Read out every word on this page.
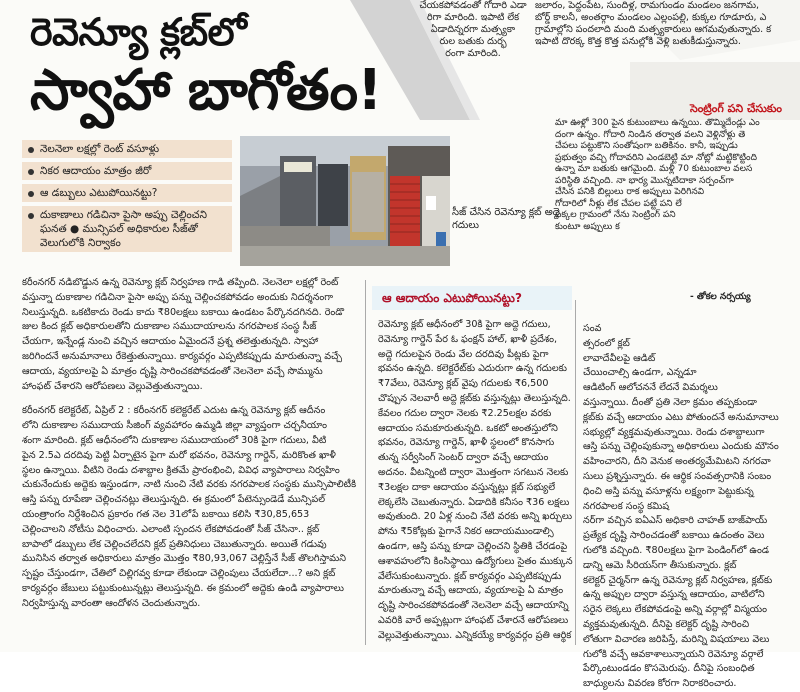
చేయకపోవడంతో గోదారి ఎడా
రిగా మారింది. ఇపాటి లేక
ఏడాదిన్నరగా మత్స్యకా
రుల బతుకు దుర్భ
రంగా మారింది.
జలారం, పెద్దంపేట, సుందిళ్ల, రామగుండం మండలం జనగామ,
బోర్డ్ కాలనీ, అంతర్గాం మండలం ఎల్లంపల్లి, కుక్కల గూడూరు, ఎ
గ్రామాల్లోని పందలాది మంది మత్స్యకారులు ఆగమవుతున్నారు. క
ఇపాటి దొరక్క కొత్త కొత్త పనుల్లోకి వెళ్లి బతుకీడుస్తున్నారు.
రెవెన్యూ క్లబ్‌లో
స్వాహా బాగోతం!
నెలనెలా లక్షల్లో రెంట్ వసూళ్లు
నికర ఆదాయం మాత్రం జీరో
ఆ డబ్బులు ఎటుపోయినట్టు?
దుకాణాలు గడిచినా పైసా అప్పు చెల్లించని ఘనత ● మున్సిపల్ అధికారుల సీజ్‌తో వెలుగులోకి నిర్వాకం
సీజ్ చేసిన రెవెన్యూ క్లబ్ అద్దె గదులు
సెంట్రింగ్ పని చేసుకుం
మా ఊళ్లో 300 పైన కుటుంబాలు ఉన్నయి. తొమ్మిదేండ్లు ఎం
దంగా ఉన్నం. గోదారి నిండిన తర్వాత వలని వెళ్లినోళ్లు తె
చేపలు పట్టుకొని సంతోషంగా బతికినం. కానీ, ఇప్పుడు
ప్రభుత్వం వచ్చి గోదావరిని ఎండబెట్టి మా నోట్లో మట్టికొట్టింది
ఉన్నా మా బతుకు ఆగమైంది. మళ్లీ 70 కుటుంబాల వలస
పరిస్థితి వచ్చింది. నా భార్య మొన్నటిదాకా సర్పంచ్‌గా
చేసిన పనికి బిల్లులు రాక అప్పులు పెరిగినవి
గోదారిలో నీళ్లు లేక చేపల పట్టే పని లే
పక్కల గ్రామంలో నేను సెంట్రింగ్ పని
కుంటూ అప్పులు క
- తోకల నర్సయ్య
కరీంనగర్ నడిబొడ్డున ఉన్న రెవెన్యూ క్లబ్ నిర్వహణ గాడి తప్పింది. నెలనెలా లక్షల్లో రెంట్
వస్తున్నా దుకాణాల గడిచినా పైసా అప్పు పన్ను చెల్లించకపోవడం అందుకు నిదర్శనంగా
నిలుస్తున్నది. ఒకటికాదు రెండు కాదు ₹80లక్షలు బకాయి ఉండటం పేర్కొనదగినది. రెండొ
జుల కింద క్లబ్ అధికారులతోని దుకాణాల సముదాయాలను నగరపాలక సంస్థ సీజ్
చేయగా, ఇన్నేండ్ల నుంచి వచ్చిన ఆదాయం ఏమైందనే ప్రశ్న తలెత్తుతున్నది. స్వాహా
జరిగిందనే అనుమానాలు రేకెత్తుతున్నాయి. కార్యవర్గం ఎప్పటికప్పుడు మారుతున్నా వచ్చే
ఆదాయ, వ్యయాలపై ఏ మాత్రం దృష్టి సారించకపోవడంతో నెలనెలా వచ్చే సొమ్మును
హాంఫట్ చేశారని ఆరోపణలు వెల్లువెత్తుతున్నాయి.
కరీంనగర్ కలెక్టరేట్, ఏప్రిల్ 2 : కరీంనగర్ కలెక్టరేట్ ఎదుట ఉన్న రెవెన్యూ క్లబ్ ఆదీనం
లోని దుకాణాల సముదాయ సీజింగ్ వ్యవహారం ఉమ్మడి జిల్లా వ్యాప్తంగా చర్చనీయాం
శంగా మారింది. క్లబ్ ఆధీనంలోని దుకాణాల సముదాయంలో 30కి పైగా గదులు, వీటి
పైన 2.5ఎ దరదివు పెట్టి ఏర్పాటైన పైగా మరో భవనం, రెవెన్యూ గార్డెన్, మరికొంత ఖాళీ
స్థలం ఉన్నాయి. వీటిని రెండు దశాబ్దాల క్రితమే ప్రారంభించి, వివిధ వ్యాపారాలు నిర్వహిం
చుకునేందుకు అద్దెకు ఇస్తుండగా, నాటి నుంచి నేటి వరకు నగరపాలక సంస్థకు మున్సిపాలిటీకి
ఆస్తి పన్ను రూపేణా చెల్లించనట్లు తెలుస్తున్నది. ఈ క్రమంలో పేటెన్సుండెడే మున్సిపల్
యంత్రాంగం నిర్దేశించిన ప్రకారం గత నెల 31లోపే బకాయి కలిసి ₹30,85,653
చెల్లించాలని నోటీసు విధించారు. ఎలాంటి స్పందన లేకపోవడంతో సీజ్ చేసినా.. క్లబ్
బాపాలో డబ్బులు లేక చెల్లించలేదని క్లబ్ ప్రతినిధులు చెబుతున్నారు. అయితే గడువు
మునిసిన తర్వాత అధికారులు మాత్రం మొత్తం ₹80,93,067 చెల్లిస్తేనే సీజ్ తొలగిస్తామని
స్పష్టం చేస్తుండగా, చేతిలో చిల్లిగవ్వ కూడా లేకుండా చెల్లింపులు చేయలేదా...? అని క్లబ్
కార్యవర్గం జేబులు పట్టుకుంటున్నట్లు తెలుస్తున్నది. ఈ క్రమంలో అద్దెకు ఉండి వ్యాపారాలు
నిర్వహిస్తున్న వారంతా ఆందోళన చెందుతున్నారు.
ఆ ఆదాయం ఎటుపోయినట్టు?
రెవెన్యూ క్లబ్ ఆధీనంలో 30కి పైగా అద్దె గదులు,
రెవెన్యూ గార్డెన్ పేర ఓ ఫంక్షన్ హాల్, ఖాళీ ప్రదేశం,
అద్దె గదులపైన రెండు వేల దరదివు పీట్లకు పైగా
భవనం ఉన్నది. కలెక్టరేట్‌కు ఎదురుగా ఉన్న గదులకు
₹7వేలు, రెవెన్యూ క్లబ్ వైపు గదులకు ₹6,500
చొప్పున నెలవారీ అద్దె క్లబ్‌కు వస్తున్నట్లు తెలుస్తున్నది.
కేవలం గదుల ద్వారా నెలకు ₹2.25లక్షల వరకు
ఆదాయం సమకూరుతున్నది. ఒకటో అంతస్తులోని
భవనం, రెవెన్యూ గార్డెన్, ఖాళీ స్థలంలో కొనసాగు
తున్న సర్వీసింగ్ సెంటర్ ద్వారా వచ్చే ఆదాయం
అదనం. వీటన్నింటి ద్వారా మొత్తంగా సగటున నెలకు
₹3లక్షల దాకా ఆదాయం వస్తున్నట్లు క్లబ్ సభ్యులే
లెక్కలేసి చెబుతున్నారు. ఏడాదికి కనీసం ₹36 లక్షలు
అవుతుంది. 20 ఏళ్ల నుంచి నేటి వరకు అన్ని ఖర్చులు
పోను ₹5కోట్లకు పైగానే నికర ఆదాయముండాల్సి
ఉండగా, ఆస్తి పన్ను కూడా చెల్లించని స్థితికి చేరడంపై
ఆశావహులోని కింసిస్థాయి ఉద్యోగులు సైతం ముక్కున
వేలేసుకుంటున్నారు. క్లబ్ కార్యవర్గం ఎప్పటికప్పుడు
మారుతున్నా వచ్చే ఆదాయ, వ్యయాలపై ఏ మాత్రం
దృష్టి సారించకపోవడంతో నెలనెలా వచ్చే ఆదాయాన్ని
ఎవరికి వారే అప్పట్లుగా హాంఫట్ చేశారనే ఆరోపణలు
వెల్లువెత్తుతున్నాయి. ఎన్నికయ్యే కార్యవర్గం ప్రతి ఆర్థిక
సంవ
త్సరంలో క్లబ్
లావాదేవీలపై ఆడిట్
చేయించాల్సి ఉండగా, ఎన్నడూ
ఆడిటింగ్ ఆలోచననే లేదనే విమర్శలు
వస్తున్నాయి. దీంతో ప్రతి నెలా క్రమం తప్పకుండా
క్లబ్‌కు వచ్చే ఆదాయం ఎటు పోతుందనే అనుమానాలు
సభ్యుల్లో వ్యక్తమవుతున్నాయి. రెండు దశాబ్దాలుగా
ఆస్తి పన్ను చెల్లింపుకున్నా అధికారులు ఎందుకు మౌనం
వహించారని, దీని వెనుక అంతర్యమేమిటని నగరవా
సులు ప్రశ్నిస్తున్నారు. ఈ ఆర్థిక సంవత్సరానికి సంబం
ధించి అస్తి పన్ను వసూళ్లను లక్ష్యంగా పెట్టుకున్న
నగరపాలక సంస్థ కమిష
నర్‌గా వచ్చిన ఐఏఎస్ అధికారి చాహత్ బాజ్‌పాయ్
ప్రత్యేక దృష్టి సారించడంతో బకాయి ఉదంతం వెలు
గులోకి వచ్చింది. ₹80లక్షలు పైగా పెండింగ్‌లో ఉండ
డాన్ని ఆమె సీరియస్‌గా తీసుకున్నారు. క్లబ్
కలెక్టర్ చైర్మన్‌గా ఉన్న రెవెన్యూ క్లబ్ నిర్వహణ, క్లబ్‌కు
ఉన్న అప్పుల ద్వారా వస్తున్న ఆదాయం, వాటిలోని
సరైన లెక్కలు లేకపోవడంపై అన్ని వర్గాల్లో విస్మయం
వ్యక్తమవుతున్నది. దీనిపై కలెక్టర్ దృష్టి సారించి
లోతుగా విచారణ జరిపిస్తే, మరిన్ని విషయాలు వెలు
గులోకి వచ్చే ఆవకాశాలున్నాయని రెవెన్యూ వర్గాలే
పేర్కొంటుండడం కొసమెరుపు. దీనిపై సంబంధిత
బాధ్యులను వివరణ కోరగా నిరాకరించారు.
